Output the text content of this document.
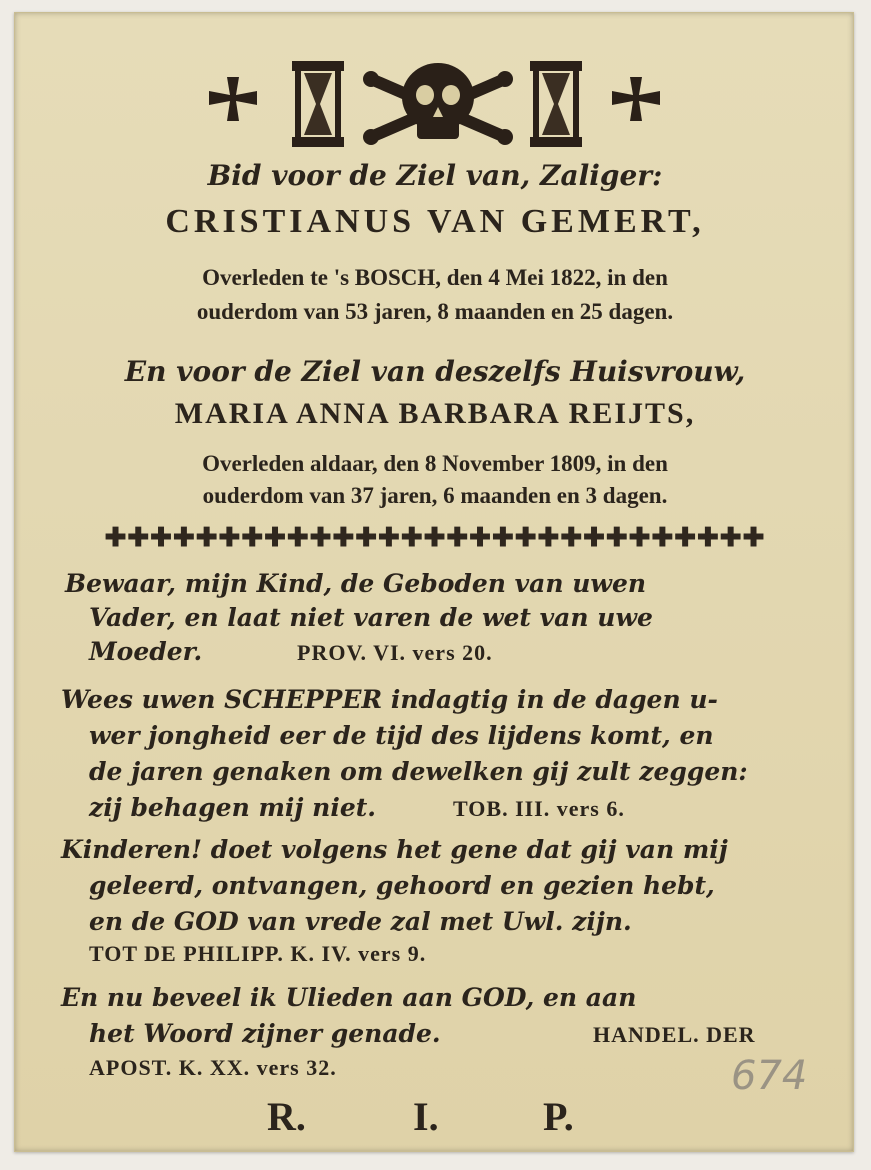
Bid voor de Ziel van, Zaliger:
CRISTIANUS VAN GEMERT,
Overleden te 's BOSCH, den 4 Mei 1822, in den
ouderdom van 53 jaren, 8 maanden en 25 dagen.
En voor de Ziel van deszelfs Huisvrouw,
MARIA ANNA BARBARA REIJTS,
Overleden aldaar, den 8 November 1809, in den
ouderdom van 37 jaren, 6 maanden en 3 dagen.
✚✚✚✚✚✚✚✚✚✚✚✚✚✚✚✚✚✚✚✚✚✚✚✚✚✚✚✚✚
Bewaar, mijn Kind, de Geboden van uwen
Vader, en laat niet varen de wet van uwe
Moeder.	PROV. VI. vers 20.
Wees uwen SCHEPPER indagtig in de dagen u-
wer jongheid eer de tijd des lijdens komt, en
de jaren genaken om dewelken gij zult zeggen:
zij behagen mij niet.	TOB. III. vers 6.
Kinderen! doet volgens het gene dat gij van mij
geleerd, ontvangen, gehoord en gezien hebt,
en de GOD van vrede zal met Uwl. zijn.
TOT DE PHILIPP. K. IV. vers 9.
En nu beveel ik Ulieden aan GOD, en aan
het Woord zijner genade.	HANDEL. DER
APOST. K. XX. vers 32.	674
R.	I.	P.
